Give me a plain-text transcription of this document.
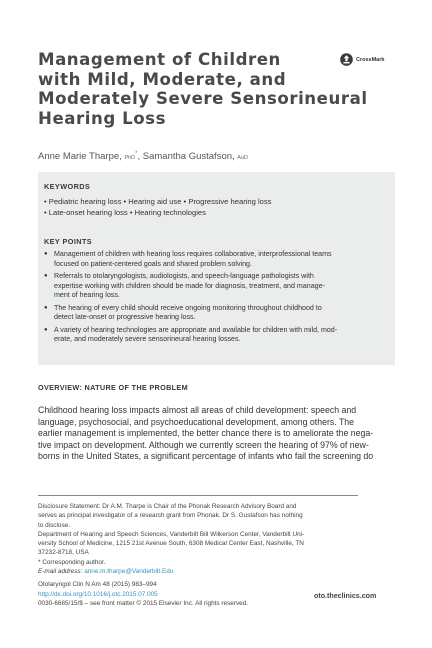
Management of Children
with Mild, Moderate, and
Moderately Severe Sensorineural
Hearing Loss
CrossMark
Anne Marie Tharpe, PhD*, Samantha Gustafson, AuD
KEYWORDS
• Pediatric hearing loss • Hearing aid use • Progressive hearing loss
• Late-onset hearing loss • Hearing technologies
KEY POINTS
● Management of children with hearing loss requires collaborative, interprofessional teams
focused on patient-centered goals and shared problem solving.
● Referrals to otolaryngologists, audiologists, and speech-language pathologists with
expertise working with children should be made for diagnosis, treatment, and manage-
ment of hearing loss.
● The hearing of every child should receive ongoing monitoring throughout childhood to
detect late-onset or progressive hearing loss.
● A variety of hearing technologies are appropriate and available for children with mild, mod-
erate, and moderately severe sensorineural hearing losses.
OVERVIEW: NATURE OF THE PROBLEM
Childhood hearing loss impacts almost all areas of child development: speech and
language, psychosocial, and psychoeducational development, among others. The
earlier management is implemented, the better chance there is to ameliorate the nega-
tive impact on development. Although we currently screen the hearing of 97% of new-
borns in the United States, a significant percentage of infants who fail the screening do
Disclosure Statement: Dr A.M. Tharpe is Chair of the Phonak Research Advisory Board and
serves as principal investigator of a research grant from Phonak. Dr S. Gustafson has nothing
to disclose.
Department of Hearing and Speech Sciences, Vanderbilt Bill Wilkerson Center, Vanderbilt Uni-
versity School of Medicine, 1215 21st Avenue South, 6308 Medical Center East, Nashville, TN
37232-8718, USA
* Corresponding author.
E-mail address: anne.m.tharpe@Vanderbilt.Edu
Otolaryngol Clin N Am 48 (2015) 983–994
http://dx.doi.org/10.1016/j.otc.2015.07.005
0030-6665/15/$ – see front matter © 2015 Elsevier Inc. All rights reserved.
oto.theclinics.com
